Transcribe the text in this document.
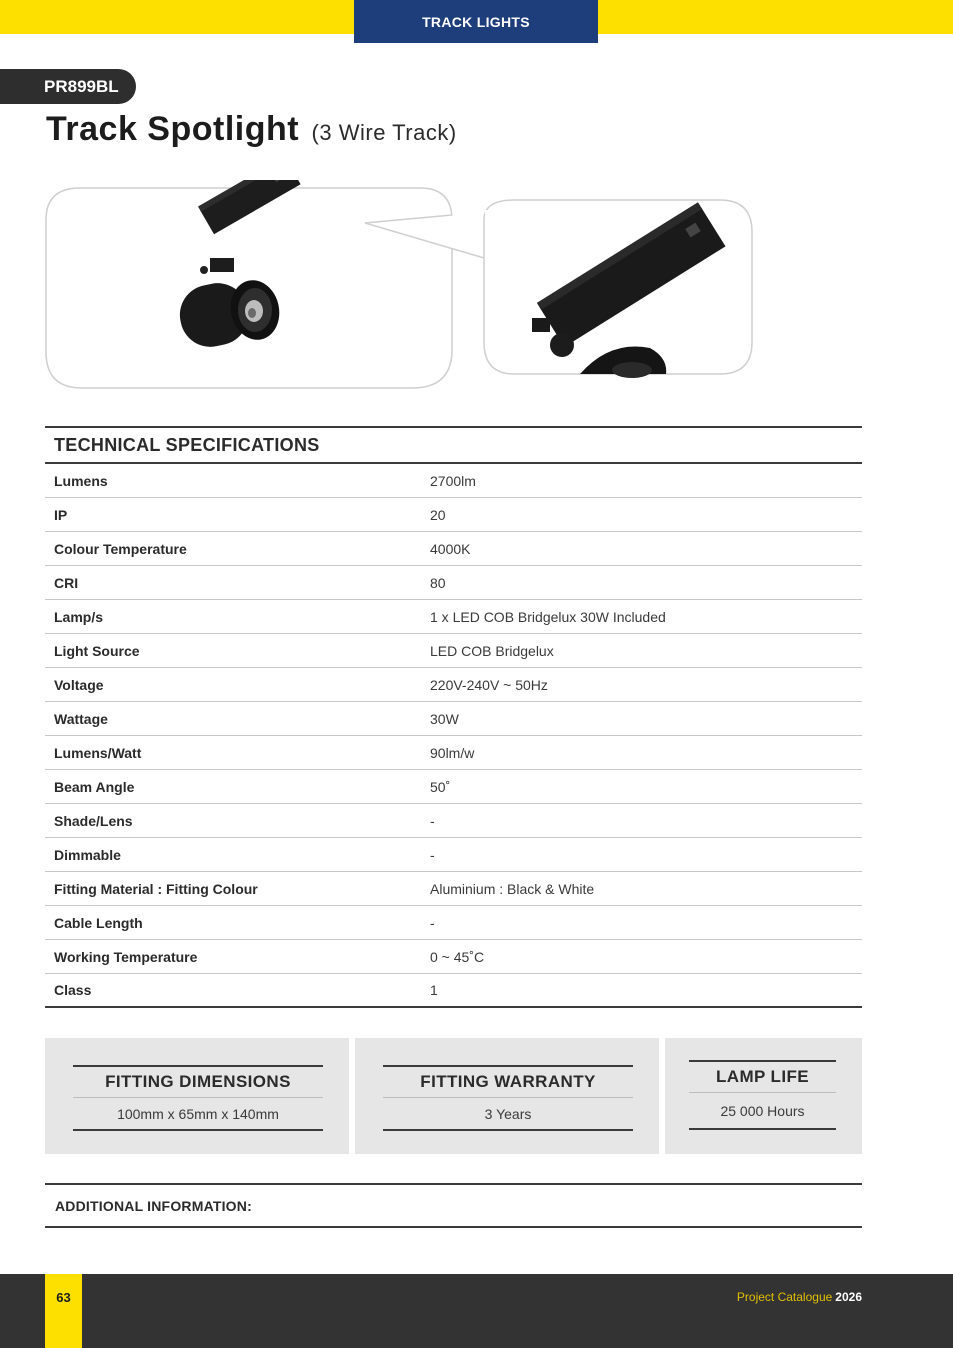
TRACK LIGHTS
PR899BL
Track Spotlight (3 Wire Track)
TECHNICAL SPECIFICATIONS
Lumens	2700lm
IP	20
Colour Temperature	4000K
CRI	80
Lamp/s	1 x LED COB Bridgelux 30W Included
Light Source	LED COB Bridgelux
Voltage	220V-240V ~ 50Hz
Wattage	30W
Lumens/Watt	90lm/w
Beam Angle	50˚
Shade/Lens	-
Dimmable	-
Fitting Material : Fitting Colour	Aluminium : Black & White
Cable Length	-
Working Temperature	0 ~ 45˚C
Class	1
FITTING DIMENSIONS
100mm x 65mm x 140mm
FITTING WARRANTY
3 Years
LAMP LIFE
25 000 Hours
ADDITIONAL INFORMATION:
63	Project Catalogue 2026
